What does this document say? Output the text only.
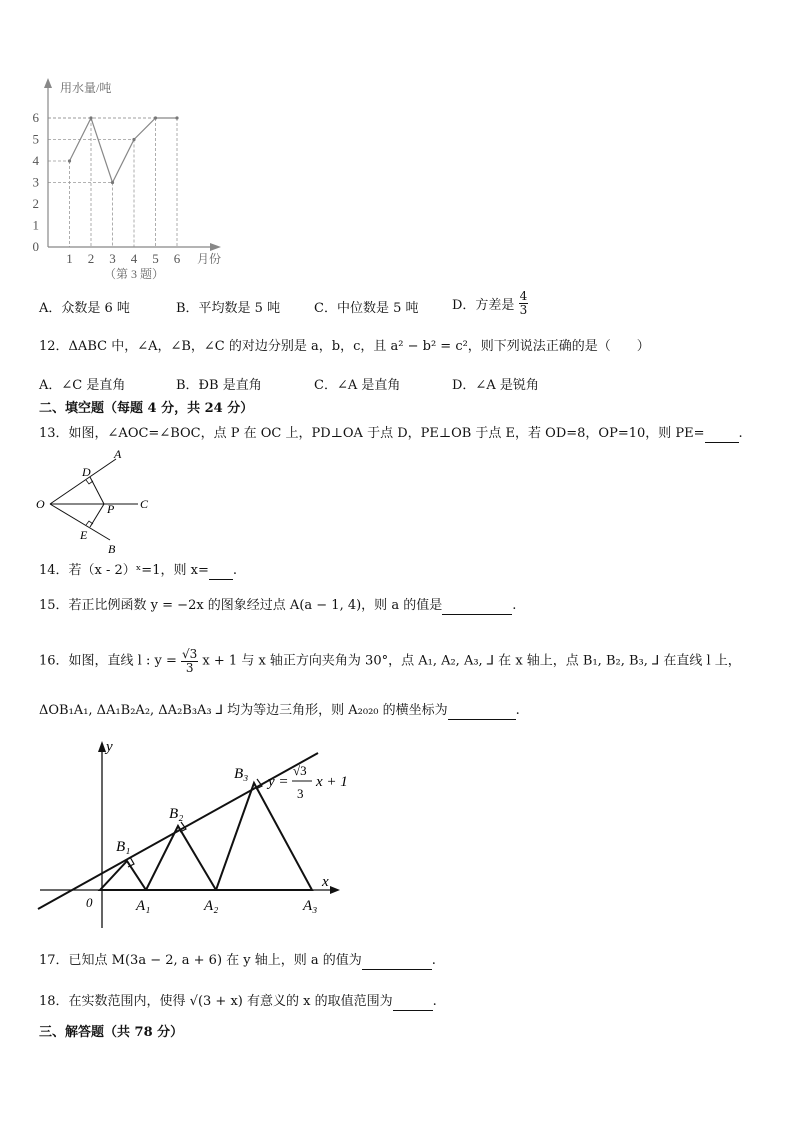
0
1
2
3
4
5
6
1 2 3 4 5 6
用水量/吨
月份
（第 3 题）
A．众数是 6 吨	B．平均数是 5 吨	C．中位数是 5 吨	D．方差是 $\frac{4}{3}$
12．ΔABC 中，∠A，∠B，∠C 的对边分别是 a，b，c，且 a² − b² = c²，则下列说法正确的是（　　）
A．∠C 是直角	B．ÐB 是直角	C．∠A 是直角	D．∠A 是锐角
二、填空题（每题 4 分，共 24 分）
13．如图，∠AOC=∠BOC，点 P 在 OC 上，PD⊥OA 于点 D，PE⊥OB 于点 E，若 OD=8，OP=10，则 PE=	.
A
D
O	P C
E
B
14．若（x - 2）ˣ=1，则 x= .
15．若正比例函数 y = −2x 的图象经过点 A(a − 1, 4)，则 a 的值是	.
16．如图，直线 l : $y = \frac{√3}{3}$ x + 1 与 x 轴正方向夹角为 30°，点 A₁, A₂, A₃, ⅃ 在 x 轴上，点 B₁, B₂, B₃, ⅃ 在直线 l 上，
ΔOB₁A₁, ΔA₁B₂A₂, ΔA₂B₃A₃ ⅃ 均为等边三角形，则 A₂₀₂₀ 的横坐标为	.
y
x
0
B₁
B₂
B₃
A₁	A₂	A₃
y =
√3
3
x + 1
17．已知点 M(3a − 2, a + 6) 在 y 轴上，则 a 的值为	.
18．在实数范围内，使得 √(3 + x) 有意义的 x 的取值范围为	.
三、解答题（共 78 分）
